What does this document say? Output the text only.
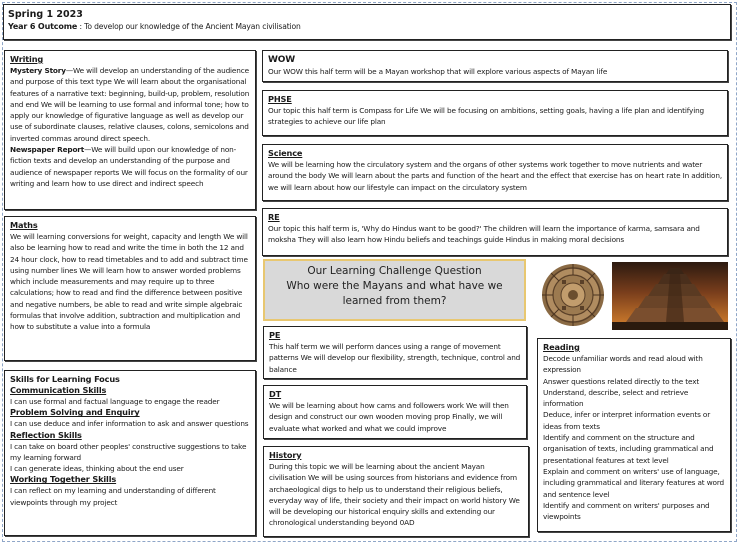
Spring 1 2023
Year 6 Outcome : To develop our knowledge of the Ancient Mayan civilisation
Writing

Mystery Story—We will develop an understanding of the audience and purpose of this text type We will learn about the organisational features of a narrative text: beginning, build-up, problem, resolution and end We will be learning to use formal and informal tone; how to apply our knowledge of figurative language as well as develop our use of subordinate clauses, relative clauses, colons, semicolons and inverted commas around direct speech.

Newspaper Report—We will build upon our knowledge of non-fiction texts and develop an understanding of the purpose and audience of newspaper reports We will focus on the formality of our writing and learn how to use direct and indirect speech

Maths

We will learning conversions for weight, capacity and length We will also be learning how to read and write the time in both the 12 and 24 hour clock, how to read timetables and to add and subtract time using number lines We will learn how to answer worded problems which include measurements and may require up to three calculations; how to read and find the difference between positive and negative numbers, be able to read and write simple algebraic formulas that involve addition, subtraction and multiplication and how to substitute a value into a formula

Skills for Learning Focus
Communication Skills

I can use formal and factual language to engage the reader

Problem Solving and Enquiry

I can use deduce and infer information to ask and answer questions

Reflection Skills

I can take on board other peoples' constructive suggestions to take my learning forward

I can generate ideas, thinking about the end user

Working Together Skills

I can reflect on my learning and understanding of different viewpoints through my project

WOW

Our WOW this half term will be a Mayan workshop that will explore various aspects of Mayan life

PHSE

Our topic this half term is Compass for Life We will be focusing on ambitions, setting goals, having a life plan and identifying strategies to achieve our life plan

Science

We will be learning how the circulatory system and the organs of other systems work together to move nutrients and water around the body We will learn about the parts and function of the heart and the effect that exercise has on heart rate In addition, we will learn about how our lifestyle can impact on the circulatory system

RE

Our topic this half term is, 'Why do Hindus want to be good?' The children will learn the importance of karma, samsara and moksha They will also learn how Hindu beliefs and teachings guide Hindus in making moral decisions

Our Learning Challenge Question
Who were the Mayans and what have we
learned from them?
PE

This half term we will perform dances using a range of movement patterns We will develop our flexibility, strength, technique, control and balance

DT

We will be learning about how cams and followers work We will then design and construct our own wooden moving prop Finally, we will evaluate what worked and what we could improve

History

During this topic we will be learning about the ancient Mayan civilisation We will be using sources from historians and evidence from archaeological digs to help us to understand their religious beliefs, everyday way of life, their society and their impact on world history We will be developing our historical enquiry skills and extending our chronological understanding beyond 0AD

Reading

Decode unfamiliar words and read aloud with expression

Answer questions related directly to the text

Understand, describe, select and retrieve information

Deduce, infer or interpret information events or ideas from texts

Identify and comment on the structure and organisation of texts, including grammatical and presentational features at text level

Explain and comment on writers' use of language, including grammatical and literary features at word and sentence level

Identify and comment on writers' purposes and viewpoints
